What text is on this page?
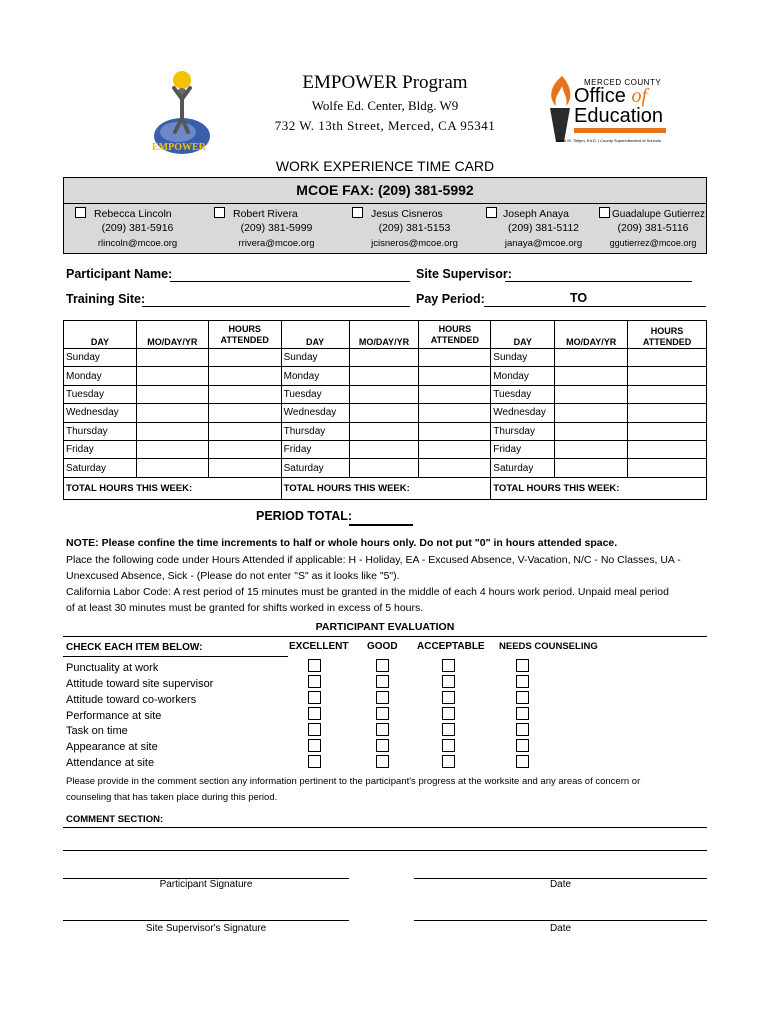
EMPOWER
EMPOWER Program
Wolfe Ed. Center, Bldg. W9
732 W. 13th Street, Merced, CA 95341
MERCED COUNTY
Office of
Education
Steve M. Tietjen, Ed.D. | County Superintendent of Schools
WORK EXPERIENCE TIME CARD
MCOE FAX: (209) 381-5992
Rebecca Lincoln
(209) 381-5916
rlincoln@mcoe.org
Robert Rivera
(209) 381-5999
rrivera@mcoe.org
Jesus Cisneros
(209) 381-5153
jcisneros@mcoe.org
Joseph Anaya
(209) 381-5112
janaya@mcoe.org
Guadalupe Gutierrez
(209) 381-5116
ggutierrez@mcoe.org
Participant Name:	Site Supervisor:
Training Site:	Pay Period:	TO
DAY	MO/DAY/YR	HOURS ATTENDED	DAY	MO/DAY/YR	HOURS ATTENDED	DAY	MO/DAY/YR	HOURS ATTENDED
Sunday			Sunday			Sunday		
Monday			Monday			Monday		
Tuesday			Tuesday			Tuesday		
Wednesday			Wednesday			Wednesday		
Thursday			Thursday			Thursday		
Friday			Friday			Friday		
Saturday			Saturday			Saturday		
TOTAL HOURS THIS WEEK:			TOTAL HOURS THIS WEEK:			TOTAL HOURS THIS WEEK:		
PERIOD TOTAL:
NOTE: Please confine the time increments to half or whole hours only. Do not put "0" in hours attended space.
Place the following code under Hours Attended if applicable: H - Holiday, EA - Excused Absence, V-Vacation, N/C - No Classes, UA -
Unexcused Absence, Sick - (Please do not enter "S" as it looks like "5").
California Labor Code: A rest period of 15 minutes must be granted in the middle of each 4 hours work period. Unpaid meal period
of at least 30 minutes must be granted for shifts worked in excess of 5 hours.
PARTICIPANT EVALUATION
CHECK EACH ITEM BELOW:	EXCELLENT GOOD ACCEPTABLE NEEDS COUNSELING
Punctuality at work
Attitude toward site supervisor
Attitude toward co-workers
Performance at site
Task on time
Appearance at site
Attendance at site
Please provide in the comment section any information pertinent to the participant's progress at the worksite and any areas of concern or
counseling that has taken place during this period.
COMMENT SECTION:
Participant Signature	Date
Site Supervisor's Signature	Date
